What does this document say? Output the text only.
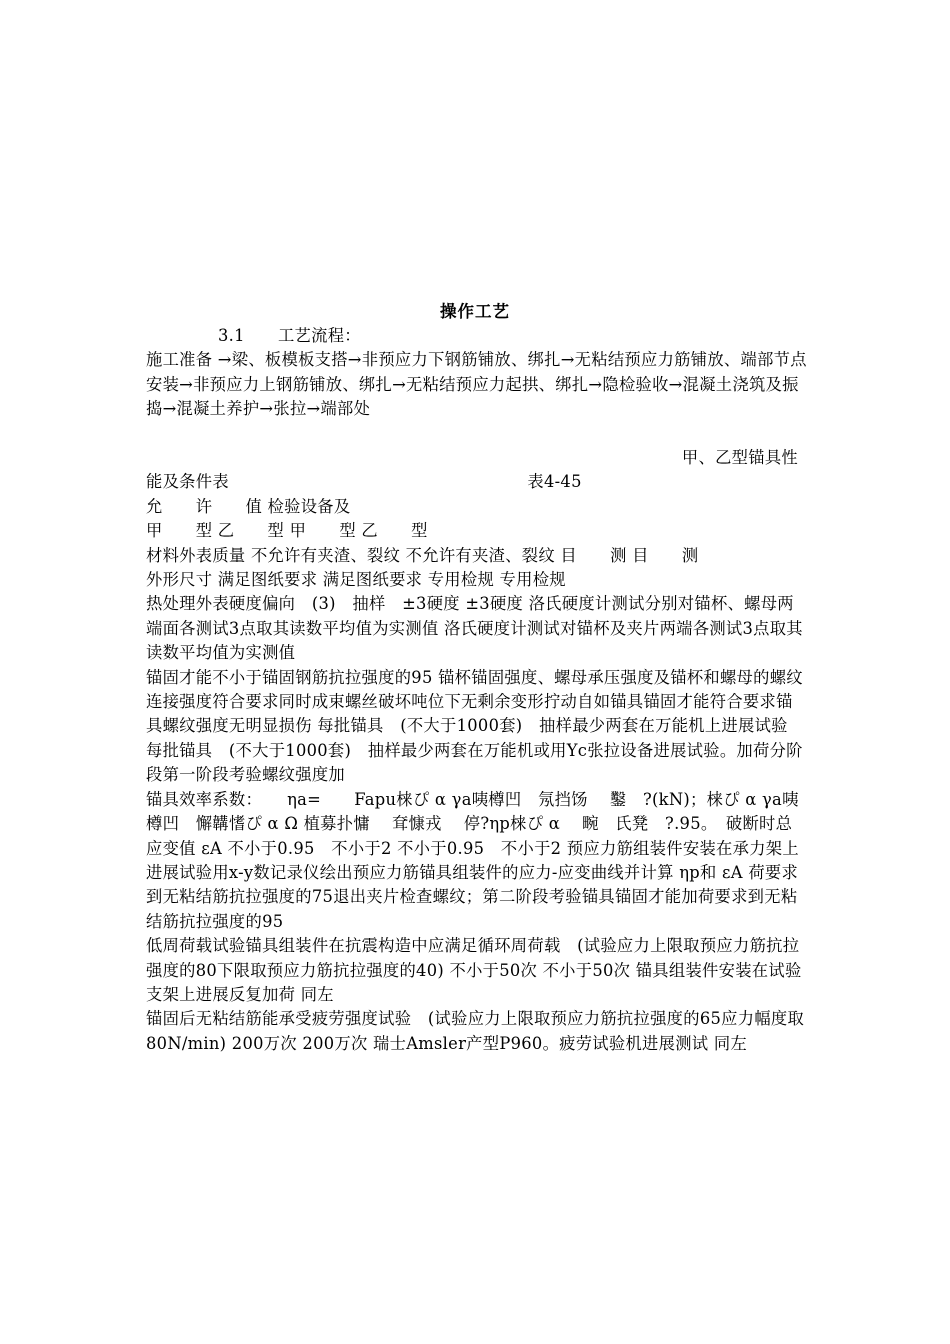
操作工艺

3.1　　工艺流程：

施工准备 →梁、板模板支搭→非预应力下钢筋铺放、绑扎→无粘结预应力筋铺放、端部节点安装→非预应力上钢筋铺放、绑扎→无粘结预应力起拱、绑扎→隐检验收→混凝土浇筑及振捣→混凝土养护→张拉→端部处

甲、乙型锚具性

能及条件表　　　　　　　　　　　　　　　　　　表4-45

允　　许　　值 检验设备及

甲　　型 乙　　型 甲　　型 乙　　型

材料外表质量 不允许有夹渣、裂纹 不允许有夹渣、裂纹 目　　测 目　　测

外形尺寸 满足图纸要求 满足图纸要求 专用检规 专用检规

热处理外表硬度偏向　(3)　抽样　±3硬度 ±3硬度 洛氏硬度计测试分别对锚杯、螺母两端面各测试3点取其读数平均值为实测值 洛氏硬度计测试对锚杯及夹片两端各测试3点取其读数平均值为实测值

锚固才能不小于锚固钢筋抗拉强度的95 锚杯锚固强度、螺母承压强度及锚杯和螺母的螺纹连接强度符合要求同时成束螺丝破坏吨位下无剩余变形拧动自如锚具锚固才能符合要求锚具螺纹强度无明显损伤 每批锚具　(不大于1000套)　抽样最少两套在万能机上进展试验　　　每批锚具　(不大于1000套)　抽样最少两套在万能机或用Yc张拉设备进展试验。加荷分阶段第一阶段考验螺纹强度加

锚具效率系数：　　ηa=　　Fapu梾ぴ α γa咦樽凹　氖挡饧　 鑿　?(kN)；梾ぴ α γa咦樽凹　懈韝愭ぴ α Ω 植募扑慵　 耷慷戎　 停?ηp梾ぴ α　 畹　氏凳　?.95。　破断时总应变值 εA 不小于0.95　不小于2 不小于0.95　不小于2 预应力筋组装件安装在承力架上进展试验用x-y数记录仪绘出预应力筋锚具组装件的应力-应变曲线并计算 ηp和 εA 荷要求到无粘结筋抗拉强度的75退出夹片检查螺纹；第二阶段考验锚具锚固才能加荷要求到无粘结筋抗拉强度的95

低周荷载试验锚具组装件在抗震构造中应满足循环周荷载　(试验应力上限取预应力筋抗拉强度的80下限取预应力筋抗拉强度的40) 不小于50次 不小于50次 锚具组装件安装在试验支架上进展反复加荷 同左

锚固后无粘结筋能承受疲劳强度试验　(试验应力上限取预应力筋抗拉强度的65应力幅度取80N/min) 200万次 200万次 瑞士Amsler产型P960。疲劳试验机进展测试 同左
